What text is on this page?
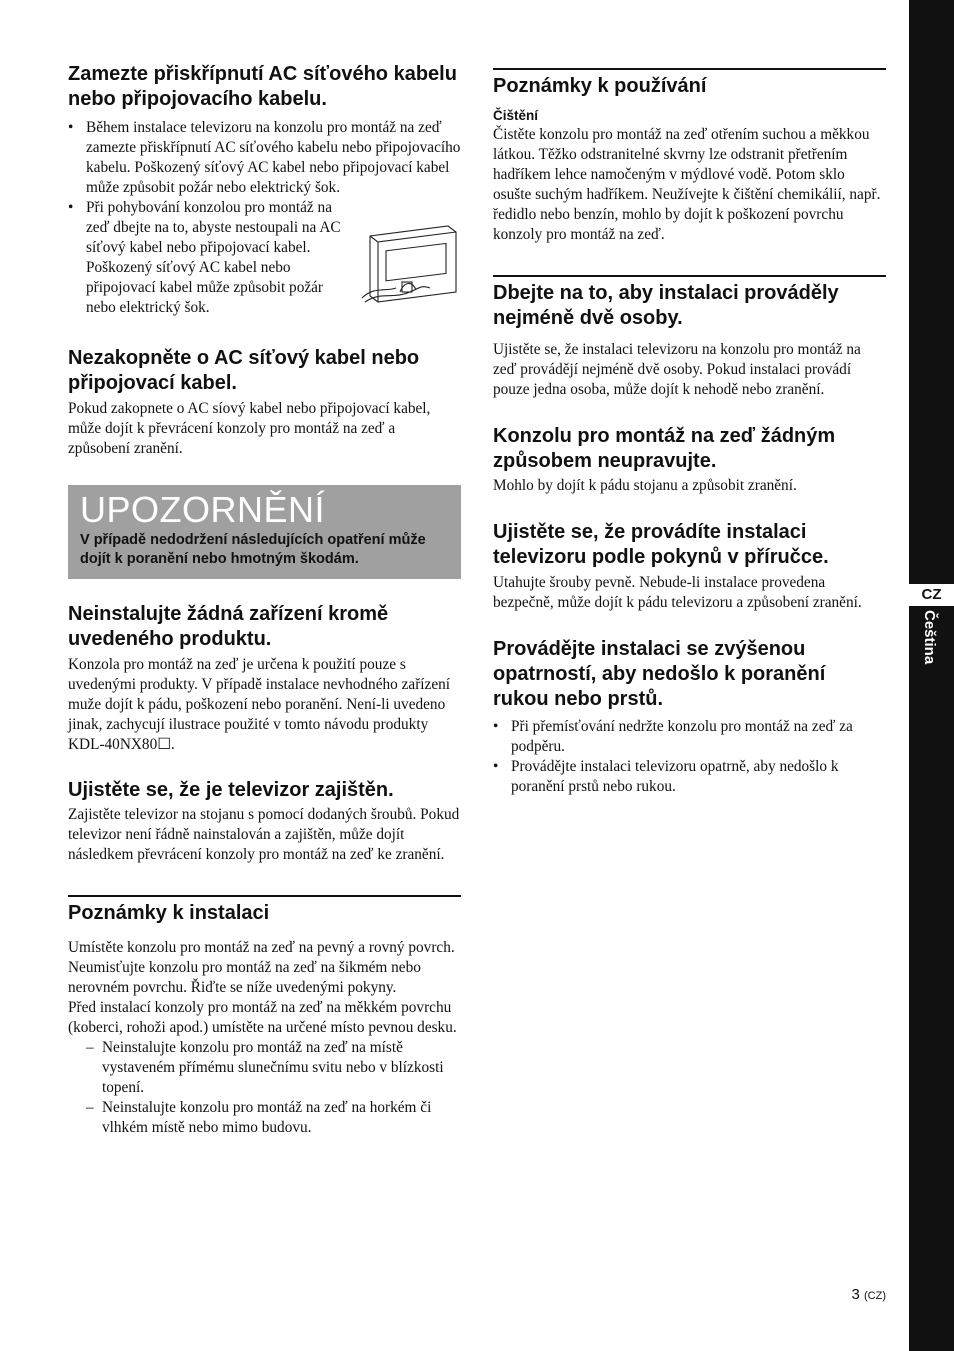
Zamezte přiskřípnutí AC síťového kabelu nebo připojovacího kabelu.
• Během instalace televizoru na konzolu pro montáž na zeď zamezte přiskřípnutí AC síťového kabelu nebo připojovacího kabelu. Poškozený síťový AC kabel nebo připojovací kabel může způsobit požár nebo elektrický šok.
• Při pohybování konzolou pro montáž na zeď dbejte na to, abyste nestoupali na AC síťový kabel nebo připojovací kabel. Poškozený síťový AC kabel nebo připojovací kabel může způsobit požár nebo elektrický šok.
Nezakopněte o AC síťový kabel nebo připojovací kabel.

Pokud zakopnete o AC síový kabel nebo připojovací kabel, může dojít k převrácení konzoly pro montáž na zeď a způsobení zranění.

UPOZORNĚNÍ
V případě nedodržení následujících opatření může dojít k poranění nebo hmotným škodám.
Neinstalujte žádná zařízení kromě uvedeného produktu.

Konzola pro montáž na zeď je určena k použití pouze s uvedenými produkty. V případě instalace nevhodného zařízení muže dojít k pádu, poškození nebo poranění. Není-li uvedeno jinak, zachycují ilustrace použité v tomto návodu produkty KDL-40NX80☐.

Ujistěte se, že je televizor zajištěn.

Zajistěte televizor na stojanu s pomocí dodaných šroubů. Pokud televizor není řádně nainstalován a zajištěn, může dojít následkem převrácení konzoly pro montáž na zeď ke zranění.

Poznámky k instalaci

Umístěte konzolu pro montáž na zeď na pevný a rovný povrch. Neumisťujte konzolu pro montáž na zeď na šikmém nebo nerovném povrchu. Řiďte se níže uvedenými pokyny.

Před instalací konzoly pro montáž na zeď na měkkém povrchu (koberci, rohoži apod.) umístěte na určené místo pevnou desku.

– Neinstalujte konzolu pro montáž na zeď na místě vystaveném přímému slunečnímu svitu nebo v blízkosti topení.
– Neinstalujte konzolu pro montáž na zeď na horkém či vlhkém místě nebo mimo budovu.
Poznámky k používání
Čištění

Čistěte konzolu pro montáž na zeď otřením suchou a měkkou látkou. Těžko odstranitelné skvrny lze odstranit přetřením hadříkem lehce namočeným v mýdlové vodě. Potom sklo osušte suchým hadříkem. Neužívejte k čištění chemikálií, např. ředidlo nebo benzín, mohlo by dojít k poškození povrchu konzoly pro montáž na zeď.

Dbejte na to, aby instalaci prováděly nejméně dvě osoby.

Ujistěte se, že instalaci televizoru na konzolu pro montáž na zeď provádějí nejméně dvě osoby. Pokud instalaci provádí pouze jedna osoba, může dojít k nehodě nebo zranění.

Konzolu pro montáž na zeď žádným způsobem neupravujte.

Mohlo by dojít k pádu stojanu a způsobit zranění.

Ujistěte se, že provádíte instalaci televizoru podle pokynů v příručce.

Utahujte šrouby pevně. Nebude-li instalace provedena bezpečně, může dojít k pádu televizoru a způsobení zranění.

Provádějte instalaci se zvýšenou opatrností, aby nedošlo k poranění rukou nebo prstů.
• Při přemísťování nedržte konzolu pro montáž na zeď za podpěru.
• Provádějte instalaci televizoru opatrně, aby nedošlo k poranění prstů nebo rukou.
CZ
Čeština
3 (CZ)
